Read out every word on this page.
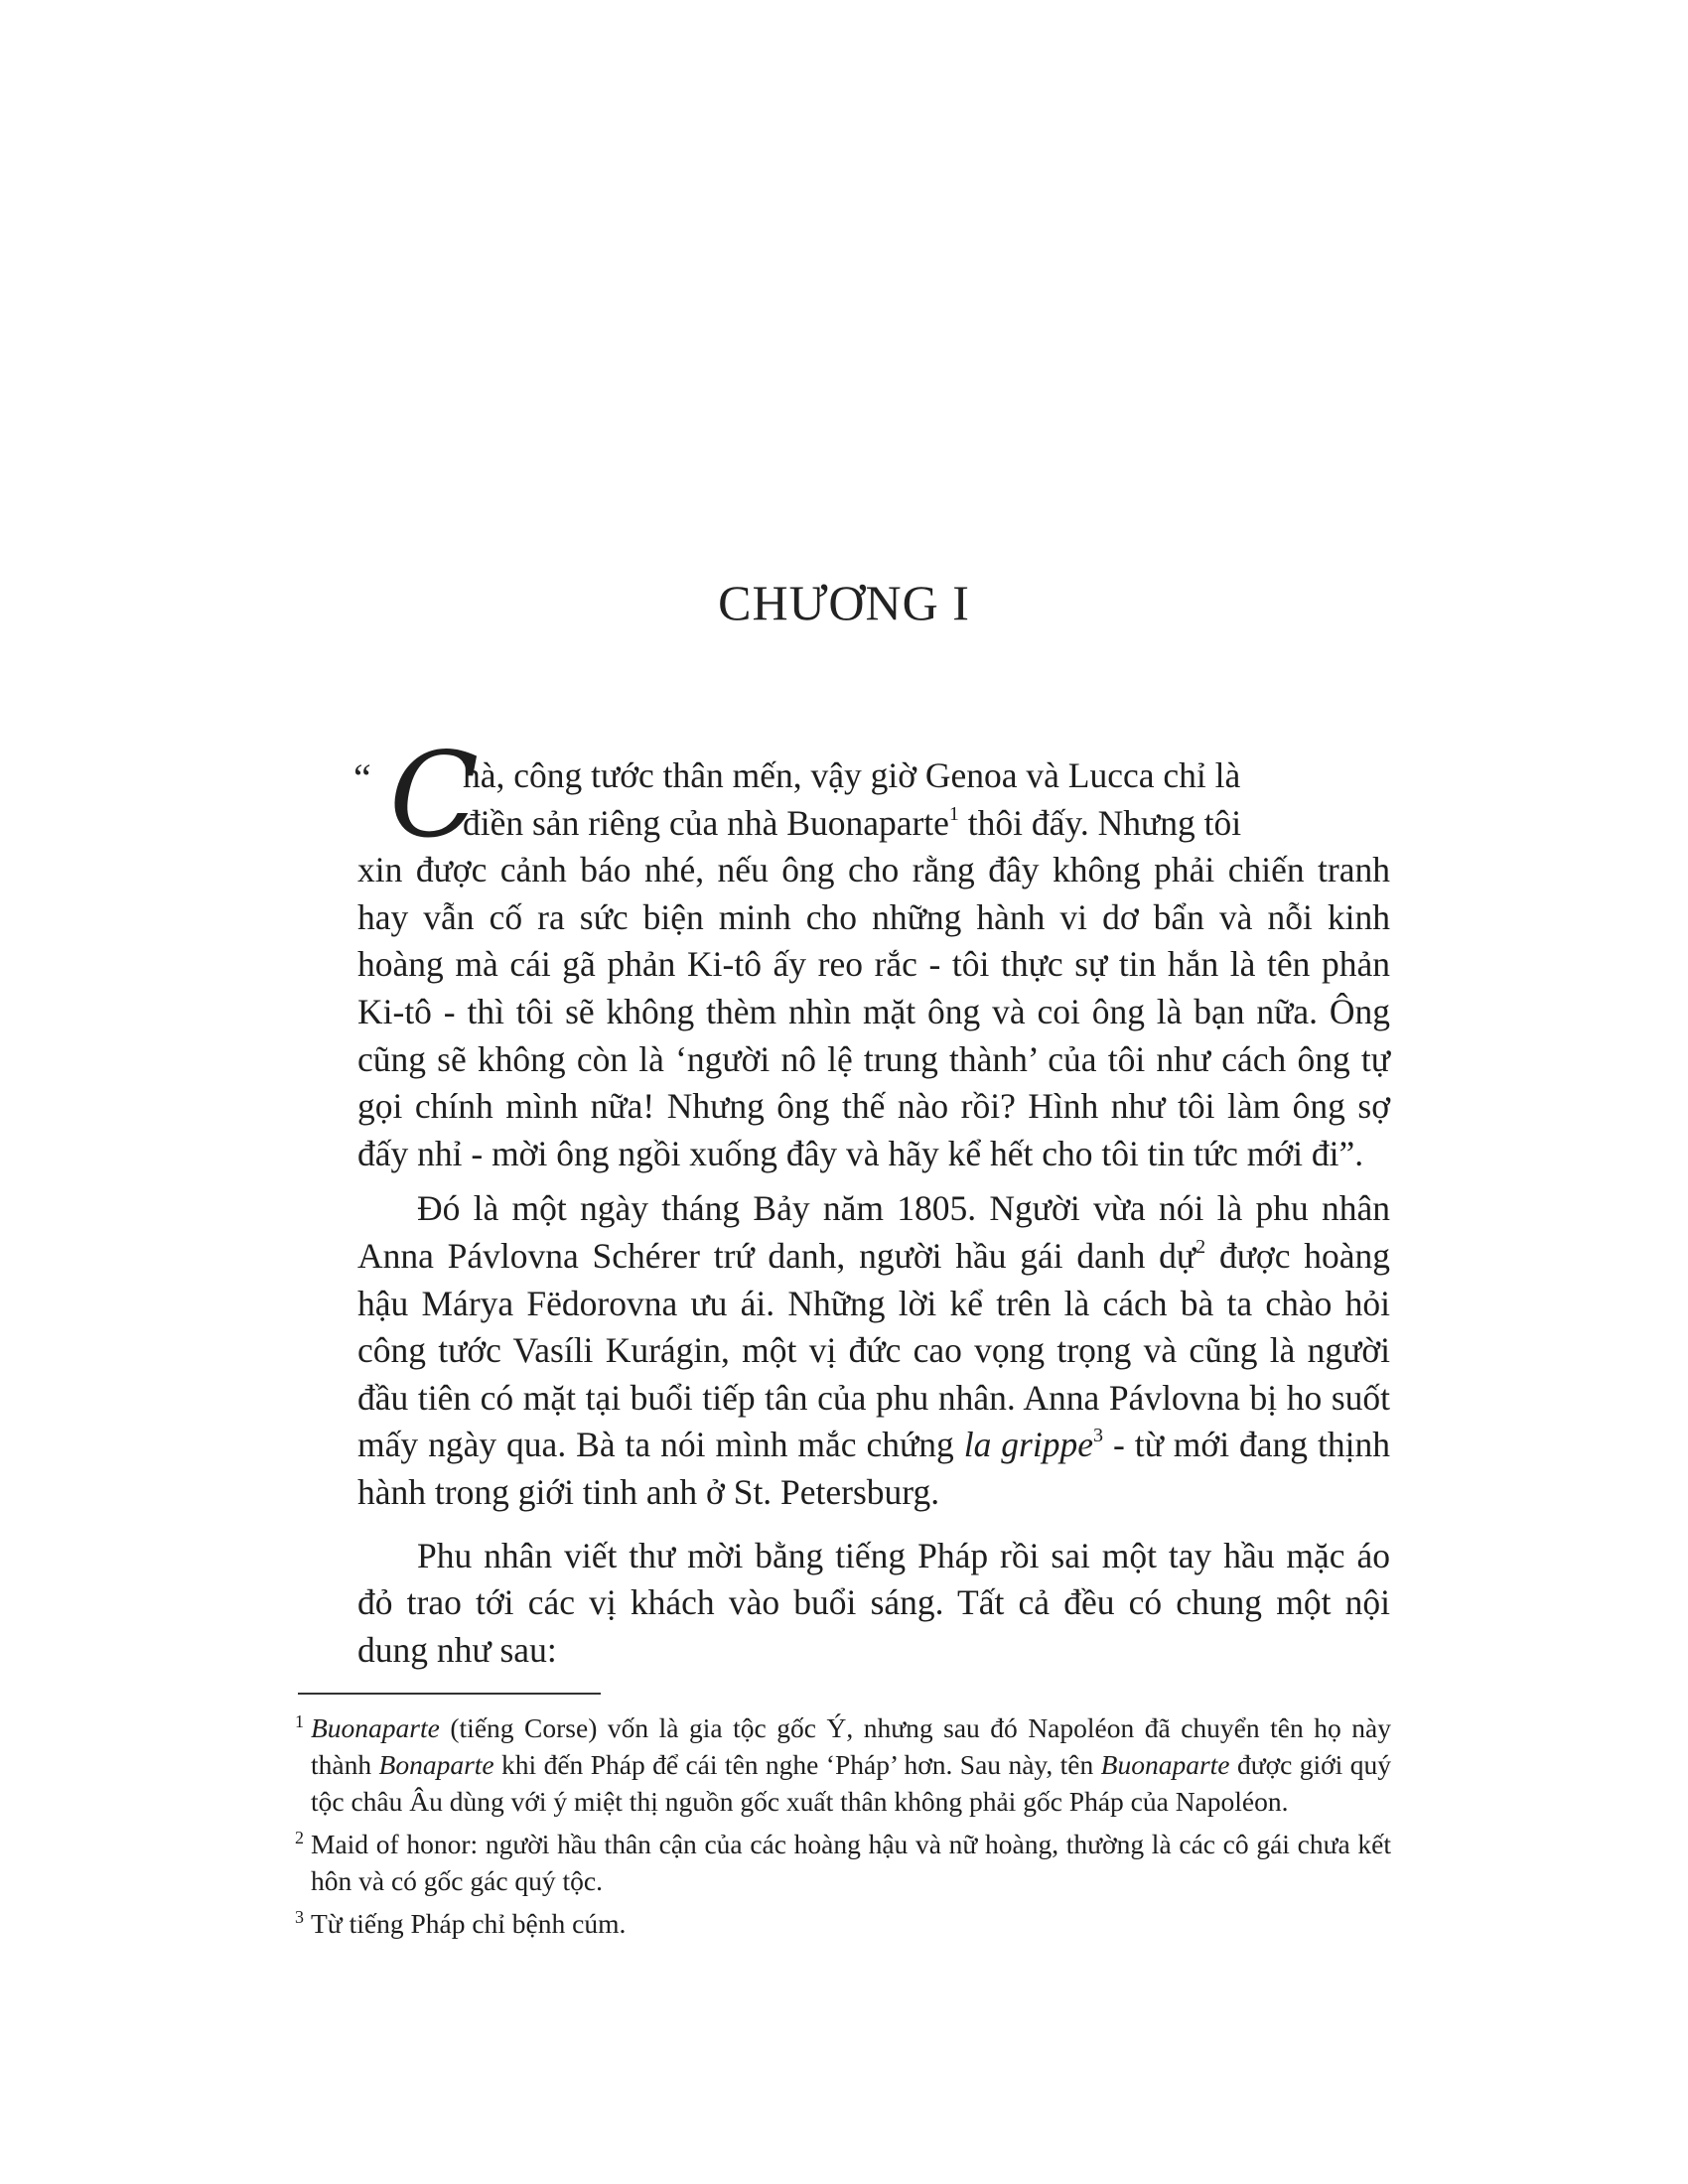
CHƯƠNG I

“ C
hà, công tước thân mến, vậy giờ Genoa và Lucca chỉ là
điền sản riêng của nhà Buonaparte$^1$ thôi đấy. Nhưng tôi
xin được cảnh báo nhé, nếu ông cho rằng đây không phải chiến tranh hay vẫn cố ra sức biện minh cho những hành vi dơ bẩn và nỗi kinh hoàng mà cái gã phản Ki-tô ấy reo rắc - tôi thực sự tin hắn là tên phản Ki-tô - thì tôi sẽ không thèm nhìn mặt ông và coi ông là bạn nữa. Ông cũng sẽ không còn là ‘người nô lệ trung thành’ của tôi như cách ông tự gọi chính mình nữa! Nhưng ông thế nào rồi? Hình như tôi làm ông sợ đấy nhỉ - mời ông ngồi xuống đây và hãy kể hết cho tôi tin tức mới đi”.

Đó là một ngày tháng Bảy năm 1805. Người vừa nói là phu nhân Anna Pávlovna Schérer trứ danh, người hầu gái danh dự$^2$ được hoàng hậu Márya Fëdorovna ưu ái. Những lời kể trên là cách bà ta chào hỏi công tước Vasíli Kurágin, một vị đức cao vọng trọng và cũng là người đầu tiên có mặt tại buổi tiếp tân của phu nhân. Anna Pávlovna bị ho suốt mấy ngày qua. Bà ta nói mình mắc chứng la grippe$^3$ - từ mới đang thịnh hành trong giới tinh anh ở St. Petersburg.

Phu nhân viết thư mời bằng tiếng Pháp rồi sai một tay hầu mặc áo đỏ trao tới các vị khách vào buổi sáng. Tất cả đều có chung một nội dung như sau:

1 Buonaparte (tiếng Corse) vốn là gia tộc gốc Ý, nhưng sau đó Napoléon đã chuyển tên họ này thành Bonaparte khi đến Pháp để cái tên nghe ‘Pháp’ hơn. Sau này, tên Buonaparte được giới quý tộc châu Âu dùng với ý miệt thị nguồn gốc xuất thân không phải gốc Pháp của Napoléon.

2 Maid of honor: người hầu thân cận của các hoàng hậu và nữ hoàng, thường là các cô gái chưa kết hôn và có gốc gác quý tộc.

3 Từ tiếng Pháp chỉ bệnh cúm.
